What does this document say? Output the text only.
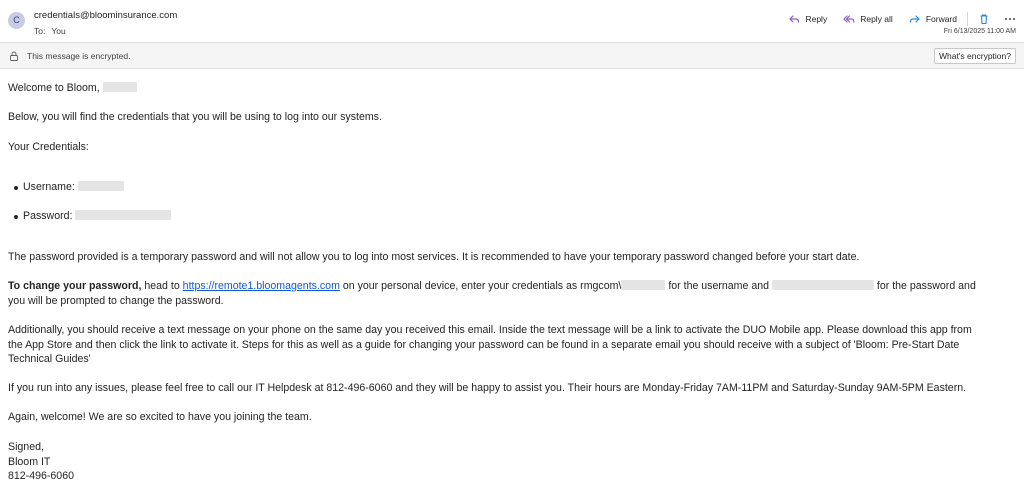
C	credentials@bloominsurance.com
To: You
Reply	Reply all	Forward
Fri 6/13/2025 11:00 AM
This message is encrypted.	What's encryption?
Welcome to Bloom,
Below, you will find the credentials that you will be using to log into our systems.
Your Credentials:
Username:
Password:
The password provided is a temporary password and will not allow you to log into most services. It is recommended to have your temporary password changed before your start date.
To change your password, head to https://remote1.bloomagents.com on your personal device, enter your credentials as rmgcom\	for the username and	for the password and
you will be prompted to change the password.
Additionally, you should receive a text message on your phone on the same day you received this email. Inside the text message will be a link to activate the DUO Mobile app. Please download this app from
the App Store and then click the link to activate it. Steps for this as well as a guide for changing your password can be found in a separate email you should receive with a subject of 'Bloom: Pre-Start Date
Technical Guides'
If you run into any issues, please feel free to call our IT Helpdesk at 812-496-6060 and they will be happy to assist you. Their hours are Monday-Friday 7AM-11PM and Saturday-Sunday 9AM-5PM Eastern.
Again, welcome! We are so excited to have you joining the team.
Signed,
Bloom IT
812-496-6060
